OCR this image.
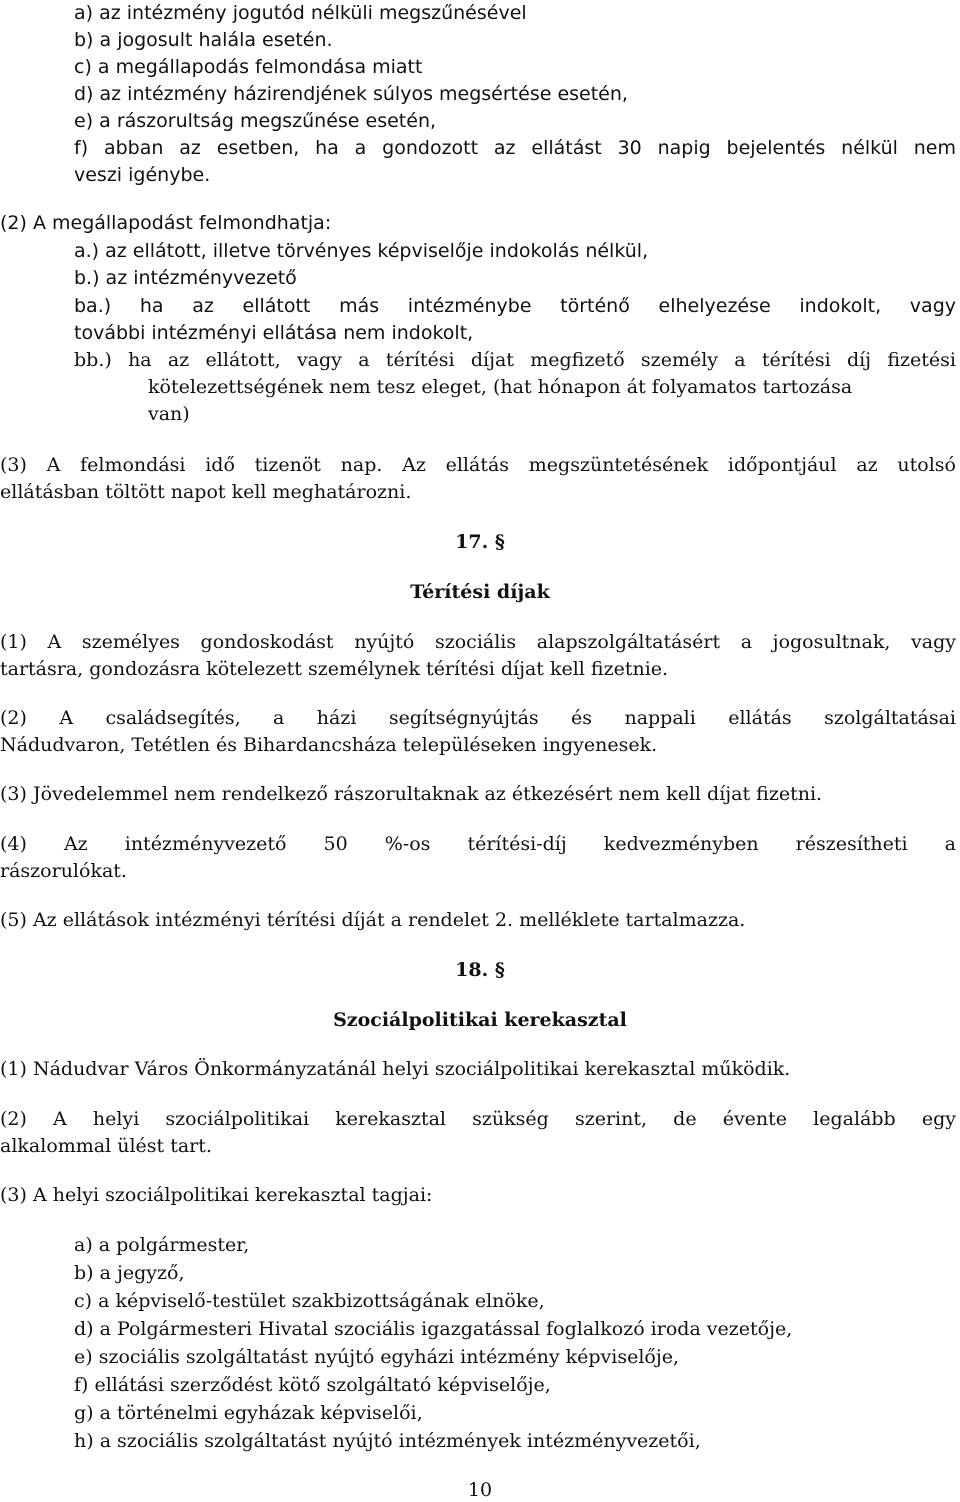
a) az intézmény jogutód nélküli megszűnésével
b) a jogosult halála esetén.
c) a megállapodás felmondása miatt
d) az intézmény házirendjének súlyos megsértése esetén,
e) a rászorultság megszűnése esetén,
f) abban az esetben, ha a gondozott az ellátást 30 napig bejelentés nélkül nem
veszi igénybe.
(2) A megállapodást felmondhatja:
a.) az ellátott, illetve törvényes képviselője indokolás nélkül,
b.) az intézményvezető
ba.) ha az ellátott más intézménybe történő elhelyezése indokolt, vagy
további intézményi ellátása nem indokolt,
bb.) ha az ellátott, vagy a térítési díjat megfizető személy a térítési díj fizetési
kötelezettségének nem tesz eleget, (hat hónapon át folyamatos tartozása
van)
(3) A felmondási idő tizenöt nap. Az ellátás megszüntetésének időpontjául az utolsó
ellátásban töltött napot kell meghatározni.
17. §
Térítési díjak
(1) A személyes gondoskodást nyújtó szociális alapszolgáltatásért a jogosultnak, vagy
tartásra, gondozásra kötelezett személynek térítési díjat kell fizetnie.
(2) A családsegítés, a házi segítségnyújtás és nappali ellátás szolgáltatásai
Nádudvaron, Tetétlen és Bihardancsháza településeken ingyenesek.
(3) Jövedelemmel nem rendelkező rászorultaknak az étkezésért nem kell díjat fizetni.
(4) Az intézményvezető 50 %-os térítési-díj kedvezményben részesítheti a
rászorulókat.
(5) Az ellátások intézményi térítési díját a rendelet 2. melléklete tartalmazza.
18. §
Szociálpolitikai kerekasztal
(1) Nádudvar Város Önkormányzatánál helyi szociálpolitikai kerekasztal működik.
(2) A helyi szociálpolitikai kerekasztal szükség szerint, de évente legalább egy
alkalommal ülést tart.
(3) A helyi szociálpolitikai kerekasztal tagjai:
a) a polgármester,
b) a jegyző,
c) a képviselő-testület szakbizottságának elnöke,
d) a Polgármesteri Hivatal szociális igazgatással foglalkozó iroda vezetője,
e) szociális szolgáltatást nyújtó egyházi intézmény képviselője,
f) ellátási szerződést kötő szolgáltató képviselője,
g) a történelmi egyházak képviselői,
h) a szociális szolgáltatást nyújtó intézmények intézményvezetői,
10
